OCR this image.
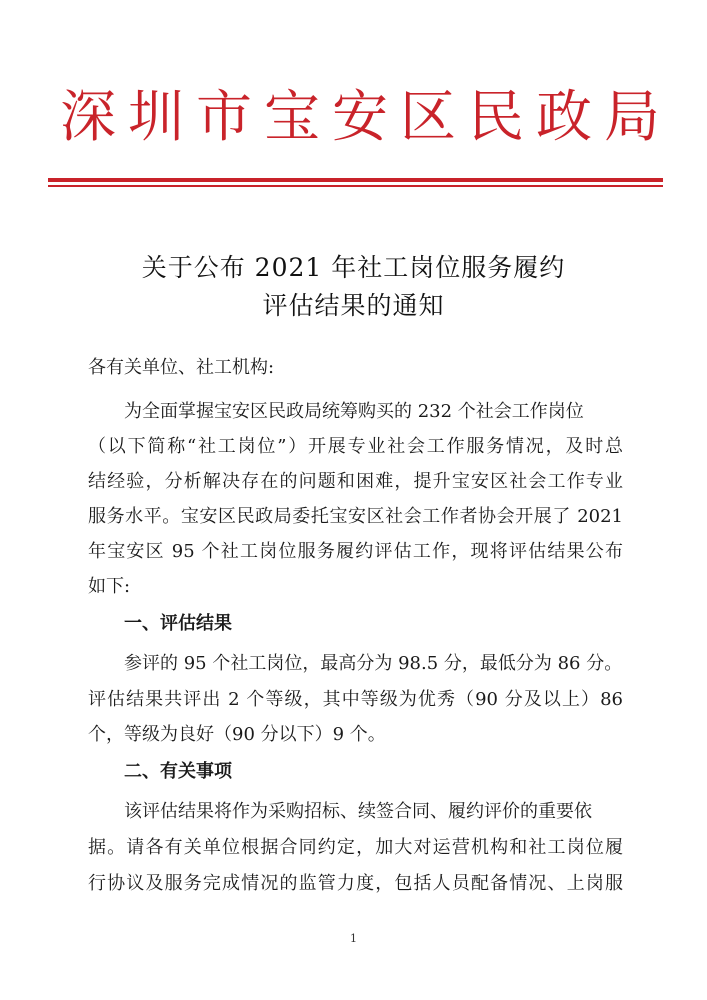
深 圳 市 宝 安 区 民 政 局
关于公布 2021 年社工岗位服务履约
评估结果的通知
各有关单位、社工机构:
为全面掌握宝安区民政局统筹购买的 232 个社会工作岗位
（以下简称“社工岗位”）开展专业社会工作服务情况，及时总
结经验，分析解决存在的问题和困难，提升宝安区社会工作专业
服务水平。宝安区民政局委托宝安区社会工作者协会开展了 2021
年宝安区 95 个社工岗位服务履约评估工作，现将评估结果公布
如下:
一、评估结果
参评的 95 个社工岗位，最高分为 98.5 分，最低分为 86 分。
评估结果共评出 2 个等级，其中等级为优秀（90 分及以上）86
个，等级为良好（90 分以下）9 个。
二、有关事项
该评估结果将作为采购招标、续签合同、履约评价的重要依
据。请各有关单位根据合同约定，加大对运营机构和社工岗位履
行协议及服务完成情况的监管力度，包括人员配备情况、上岗服
1
